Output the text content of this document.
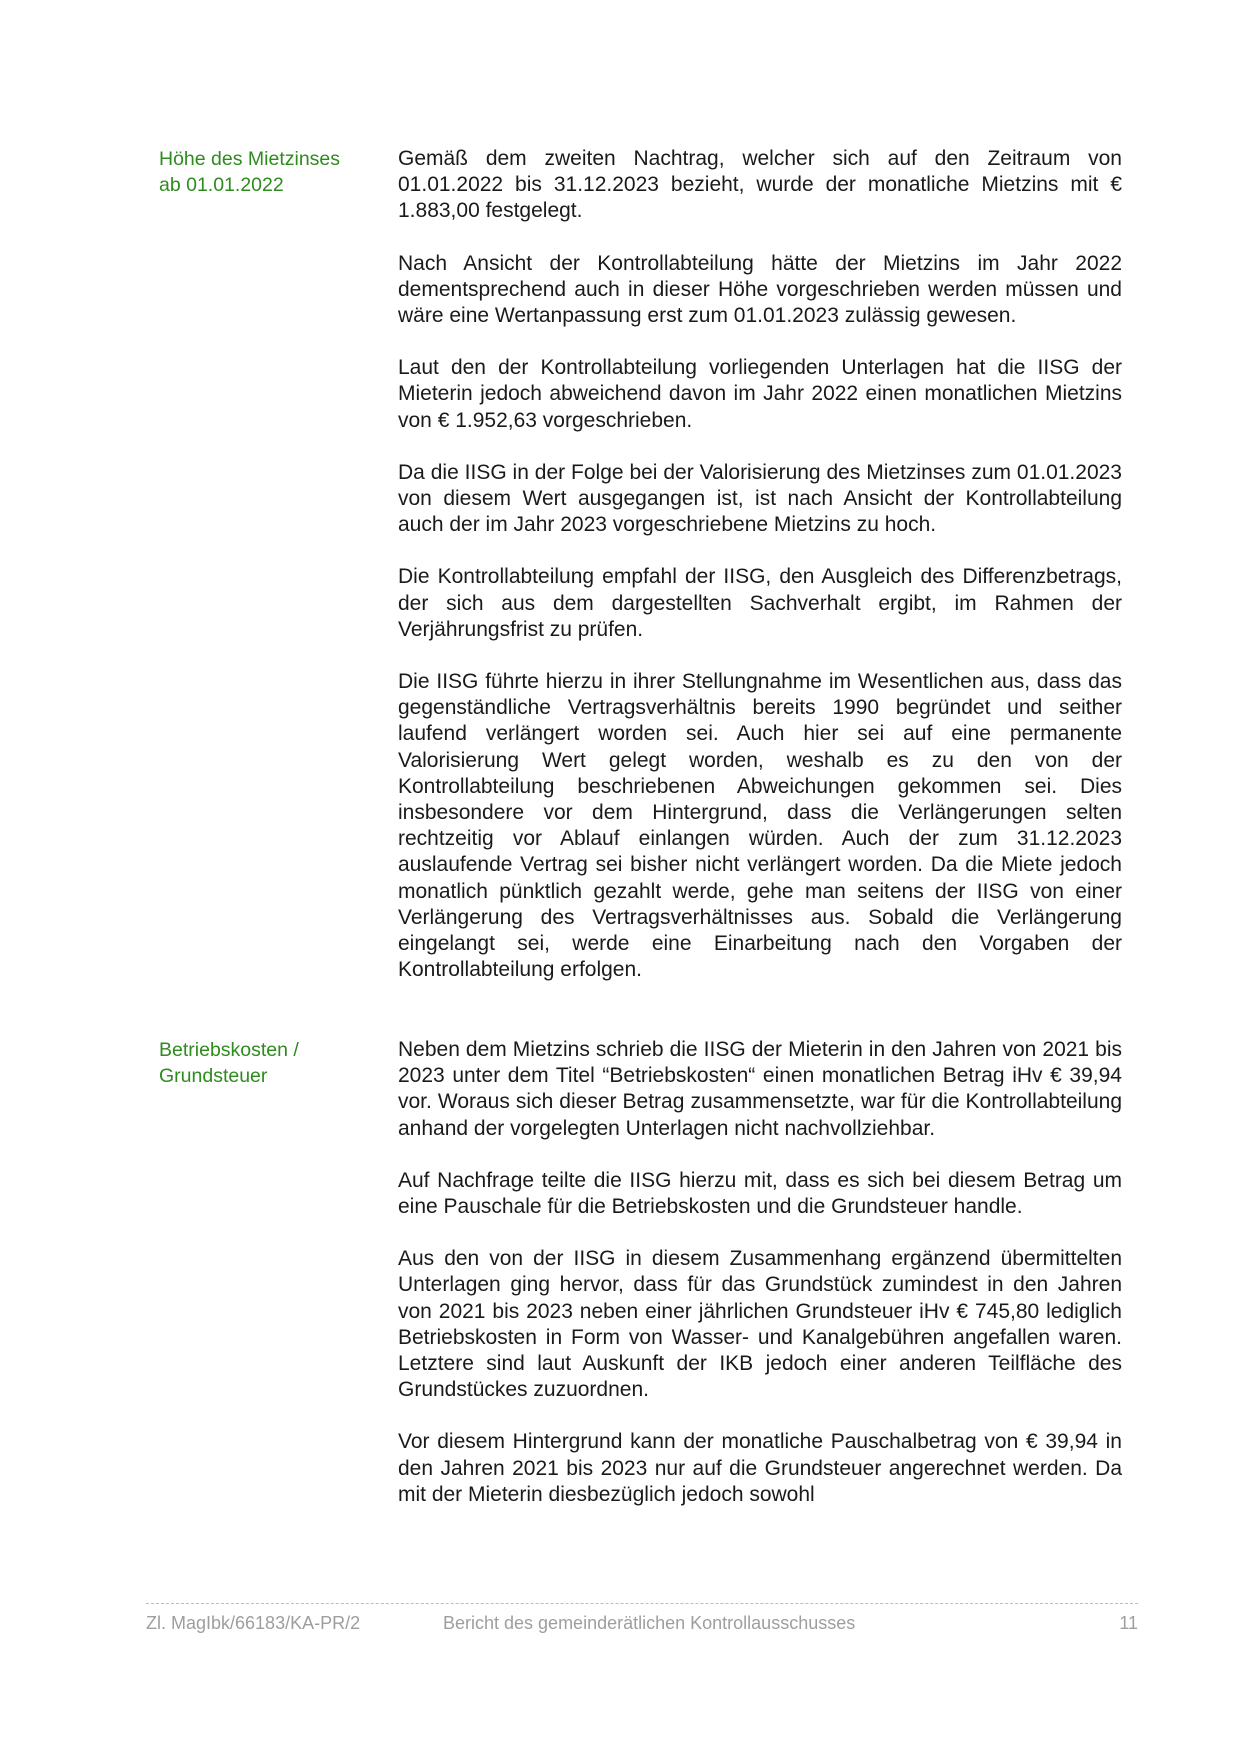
Höhe des Mietzinses
ab 01.01.2022

Gemäß dem zweiten Nachtrag, welcher sich auf den Zeitraum von 01.01.2022 bis 31.12.2023 bezieht, wurde der monatliche Mietzins mit € 1.883,00 festgelegt.

Nach Ansicht der Kontrollabteilung hätte der Mietzins im Jahr 2022 dementsprechend auch in dieser Höhe vorgeschrieben werden müssen und wäre eine Wertanpassung erst zum 01.01.2023 zulässig gewesen.

Laut den der Kontrollabteilung vorliegenden Unterlagen hat die IISG der Mieterin jedoch abweichend davon im Jahr 2022 einen monatlichen Mietzins von € 1.952,63 vorgeschrieben.

Da die IISG in der Folge bei der Valorisierung des Mietzinses zum 01.01.2023 von diesem Wert ausgegangen ist, ist nach Ansicht der Kontrollabteilung auch der im Jahr 2023 vorgeschriebene Mietzins zu hoch.

Die Kontrollabteilung empfahl der IISG, den Ausgleich des Differenzbetrags, der sich aus dem dargestellten Sachverhalt ergibt, im Rahmen der Verjährungsfrist zu prüfen.

Die IISG führte hierzu in ihrer Stellungnahme im Wesentlichen aus, dass das gegenständliche Vertragsverhältnis bereits 1990 begründet und seither laufend verlängert worden sei. Auch hier sei auf eine permanente Valorisierung Wert gelegt worden, weshalb es zu den von der Kontrollabteilung beschriebenen Abweichungen gekommen sei. Dies insbesondere vor dem Hintergrund, dass die Verlängerungen selten rechtzeitig vor Ablauf einlangen würden. Auch der zum 31.12.2023 auslaufende Vertrag sei bisher nicht verlängert worden. Da die Miete jedoch monatlich pünktlich gezahlt werde, gehe man seitens der IISG von einer Verlängerung des Vertragsverhältnisses aus. Sobald die Verlängerung eingelangt sei, werde eine Einarbeitung nach den Vorgaben der Kontrollabteilung erfolgen.

Betriebskosten /
Grundsteuer

Neben dem Mietzins schrieb die IISG der Mieterin in den Jahren von 2021 bis 2023 unter dem Titel “Betriebskosten“ einen monatlichen Betrag iHv € 39,94 vor. Woraus sich dieser Betrag zusammensetzte, war für die Kontrollabteilung anhand der vorgelegten Unterlagen nicht nachvollziehbar.

Auf Nachfrage teilte die IISG hierzu mit, dass es sich bei diesem Betrag um eine Pauschale für die Betriebskosten und die Grundsteuer handle.

Aus den von der IISG in diesem Zusammenhang ergänzend übermittelten Unterlagen ging hervor, dass für das Grundstück zumindest in den Jahren von 2021 bis 2023 neben einer jährlichen Grundsteuer iHv € 745,80 lediglich Betriebskosten in Form von Wasser- und Kanalgebühren angefallen waren. Letztere sind laut Auskunft der IKB jedoch einer anderen Teilfläche des Grundstückes zuzuordnen.

Vor diesem Hintergrund kann der monatliche Pauschalbetrag von € 39,94 in den Jahren 2021 bis 2023 nur auf die Grundsteuer angerechnet werden. Da mit der Mieterin diesbezüglich jedoch sowohl

Zl. MagIbk/66183/KA-PR/2	Bericht des gemeinderätlichen Kontrollausschusses	11
